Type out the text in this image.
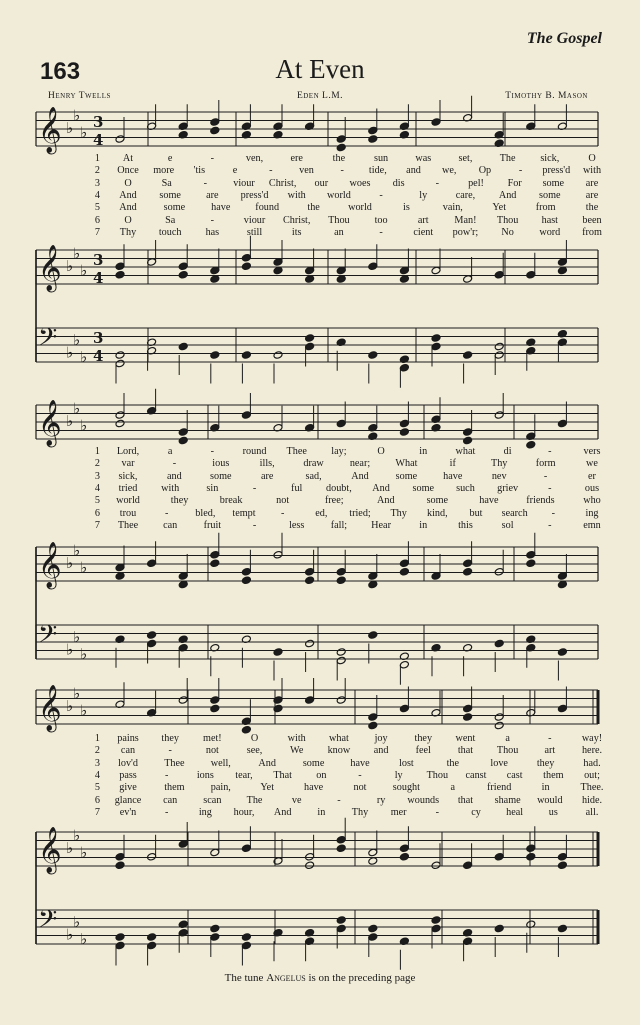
The Gospel
163	At Even
Henry Twells	Eden L.M.	Timothy B. Mason
𝄞 ♭
♭
♭
3
4
𝄞 ♭
♭
♭
3
4
𝄢 ♭
♭
♭
3
4
𝄞 ♭
♭
♭
𝄞 ♭
♭
♭
𝄢 ♭
♭
♭
𝄞 ♭
♭
♭
𝄞 ♭
♭
♭
𝄢 ♭
♭
♭
1 At	e	-	ven,	ere	the	sun	was	set,	The sick,	O
2 Once more 'tis	e	-	ven	- tide, and we, Op	- press'd with
3 O	Sa	-	viour Christ, our woes dis	-	pel! For some are
4 And some are press'd with world	-	ly	care, And some are
5 And	some	have found	the	world	is	vain,	Yet	from	the
6 O	Sa	-	viour Christ, Thou too	art	Man! Thou hast been
7 Thy touch has	still	its	an	-	cient pow'r; No word from
1 Lord,	a	-	round Thee lay;	O	in	what	di	-	vers
2 var	-	ious	ills,	draw	near; What	if	Thy	form	we
3 sick,	and	some	are	sad,	And	some	have	nev	-	er
4 tried with	sin	-	ful doubt, And some such griev	-	ous
5 world	they	break	not	free;	And	some	have	friends	who
6 trou	-	bled, tempt -	ed, tried; Thy kind, but search -	ing
7 Thee can	fruit	-	less	fall; Hear	in	this	sol	-	emn
1 pains they met!	O	with what	joy	they went	a	-	way!
2 can	-	not	see,	We know and	feel	that Thou	art	here.
3 lov'd	Thee	well,	And	some	have	lost	the	love	they	had.
4 pass	-	ions tear, That on	-	ly Thou canst cast them out;
5 give	them	pain,	Yet	have	not	sought	a	friend	in	Thee.
6 glance can	scan The	ve	-	ry wounds that shame would hide.
7 ev'n	-	ing hour, And	in	Thy mer	-	cy heal	us	all.
The tune Angelus is on the preceding page
